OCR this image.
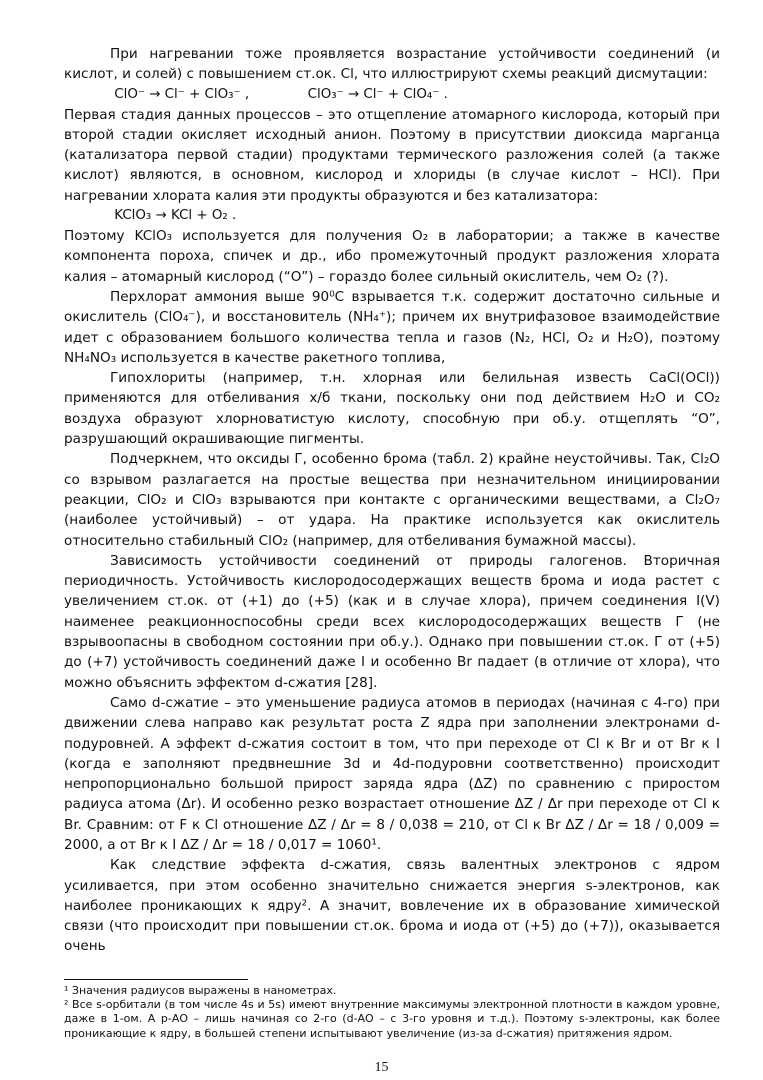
При нагревании тоже проявляется возрастание устойчивости соединений (и кислот, и солей) с повышением ст.ок. Cl, что иллюстрируют схемы реакций дисмутации:

ClO⁻ → Cl⁻ + ClO₃⁻ ,	ClO₃⁻ → Cl⁻ + ClO₄⁻ .

Первая стадия данных процессов – это отщепление атомарного кислорода, который при второй стадии окисляет исходный анион. Поэтому в присутствии диоксида марганца (катализатора первой стадии) продуктами термического разложения солей (а также кислот) являются, в основном, кислород и хлориды (в случае кислот – HCl). При нагревании хлората калия эти продукты образуются и без катализатора:

KClO₃ → KCl + O₂ .

Поэтому KClO₃ используется для получения O₂ в лаборатории; а также в качестве компонента пороха, спичек и др., ибо промежуточный продукт разложения хлората калия – атомарный кислород (“O”) – гораздо более сильный окислитель, чем O₂ (?).

Перхлорат аммония выше 90⁰С взрывается т.к. содержит достаточно сильные и окислитель (ClO₄⁻), и восстановитель (NH₄⁺); причем их внутрифазовое взаимодействие идет с образованием большого количества тепла и газов (N₂, HCl, O₂ и H₂O), поэтому NH₄NO₃ используется в качестве ракетного топлива,

Гипохлориты (например, т.н. хлорная или белильная известь CaCl(OCl)) применяются для отбеливания х/б ткани, поскольку они под действием H₂O и CO₂ воздуха образуют хлорноватистую кислоту, способную при об.у. отщеплять “O”, разрушающий окрашивающие пигменты.

Подчеркнем, что оксиды Г, особенно брома (табл. 2) крайне неустойчивы. Так, Cl₂O со взрывом разлагается на простые вещества при незначительном инициировании реакции, ClO₂ и ClO₃ взрываются при контакте с органическими веществами, а Cl₂O₇ (наиболее устойчивый) – от удара. На практике используется как окислитель относительно стабильный ClO₂ (например, для отбеливания бумажной массы).

Зависимость устойчивости соединений от природы галогенов. Вторичная периодичность. Устойчивость кислородосодержащих веществ брома и иода растет с увеличением ст.ок. от (+1) до (+5) (как и в случае хлора), причем соединения I(V) наименее реакционноспособны среди всех кислородосодержащих веществ Г (не взрывоопасны в свободном состоянии при об.у.). Однако при повышении ст.ок. Г от (+5) до (+7) устойчивость соединений даже I и особенно Br падает (в отличие от хлора), что можно объяснить эффектом d-сжатия [28].

Само d-сжатие – это уменьшение радиуса атомов в периодах (начиная с 4-го) при движении слева направо как результат роста Z ядра при заполнении электронами d-подуровней. А эффект d-сжатия состоит в том, что при переходе от Cl к Br и от Br к I (когда e заполняют предвнешние 3d и 4d-подуровни соответственно) происходит непропорционально большой прирост заряда ядра (ΔZ) по сравнению с приростом радиуса атома (Δr). И особенно резко возрастает отношение ΔZ / Δr при переходе от Cl к Br. Сравним: от F к Cl отношение ΔZ / Δr = 8 / 0,038 = 210, от Cl к Br ΔZ / Δr = 18 / 0,009 = 2000, а от Br к I ΔZ / Δr = 18 / 0,017 = 1060¹.

Как следствие эффекта d-сжатия, связь валентных электронов с ядром усиливается, при этом особенно значительно снижается энергия s-электронов, как наиболее проникающих к ядру². А значит, вовлечение их в образование химической связи (что происходит при повышении ст.ок. брома и иода от (+5) до (+7)), оказывается очень

¹ Значения радиусов выражены в нанометрах.

² Все s-орбитали (в том числе 4s и 5s) имеют внутренние максимумы электронной плотности в каждом уровне, даже в 1-ом. А p-АО – лишь начиная со 2-го (d-АО – с 3-го уровня и т.д.). Поэтому s-электроны, как более проникающие к ядру, в большей степени испытывают увеличение (из-за d-сжатия) притяжения ядром.

15
